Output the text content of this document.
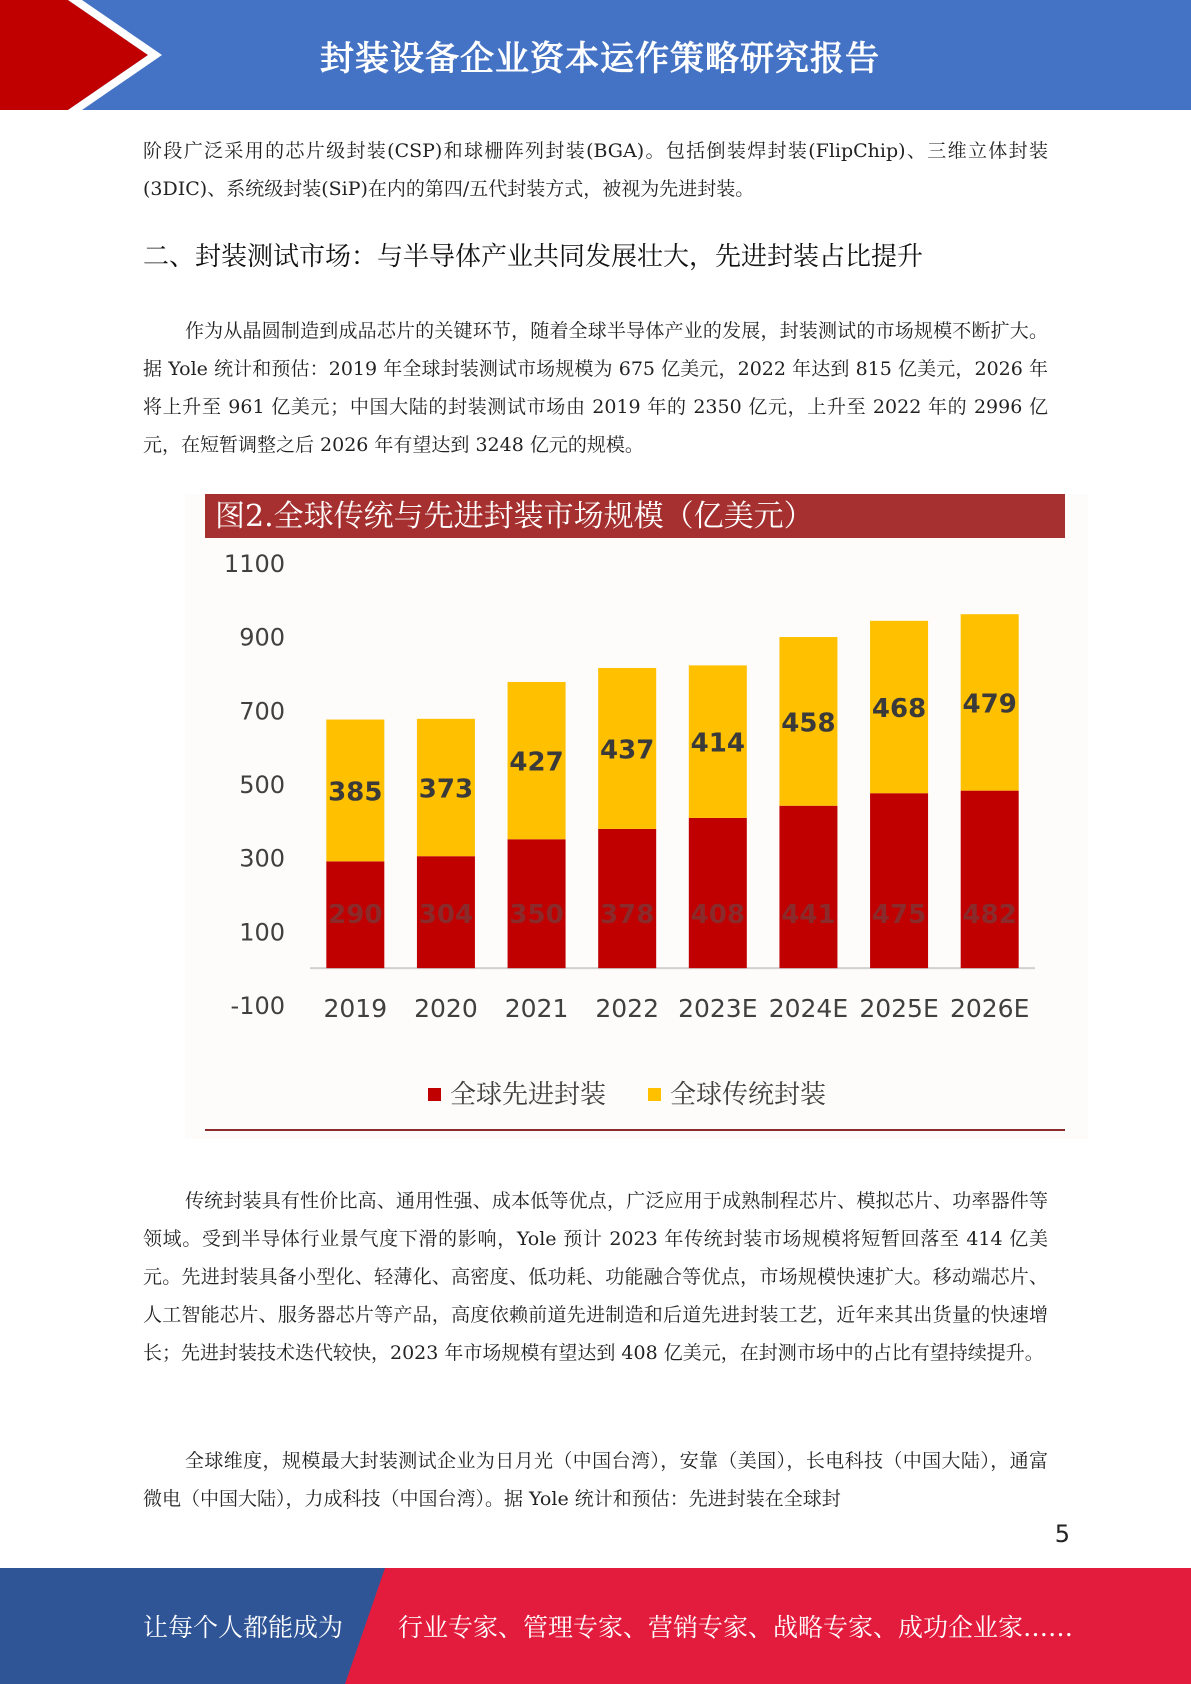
封装设备企业资本运作策略研究报告

阶段广泛采用的芯片级封装(CSP)和球栅阵列封装(BGA)。包括倒装焊封装(FlipChip)、三维立体封装(3DIC)、系统级封装(SiP)在内的第四/五代封装方式，被视为先进封装。

二、封装测试市场：与半导体产业共同发展壮大，先进封装占比提升

作为从晶圆制造到成品芯片的关键环节，随着全球半导体产业的发展，封装测试的市场规模不断扩大。据 Yole 统计和预估：2019 年全球封装测试市场规模为 675 亿美元，2022 年达到 815 亿美元，2026 年将上升至 961 亿美元；中国大陆的封装测试市场由 2019 年的 2350 亿元，上升至 2022 年的 2996 亿元，在短暂调整之后 2026 年有望达到 3248 亿元的规模。

图2.全球传统与先进封装市场规模（亿美元）
1100
900
700
500
300
100
-100
290
385
2019
304
373
2020
350
427
2021
378
437
2022
408
414
2023E
441
458
2024E
475
468
2025E
482
479
2026E
全球先进封装 全球传统封装

传统封装具有性价比高、通用性强、成本低等优点，广泛应用于成熟制程芯片、模拟芯片、功率器件等领域。受到半导体行业景气度下滑的影响，Yole 预计 2023 年传统封装市场规模将短暂回落至 414 亿美元。先进封装具备小型化、轻薄化、高密度、低功耗、功能融合等优点，市场规模快速扩大。移动端芯片、人工智能芯片、服务器芯片等产品，高度依赖前道先进制造和后道先进封装工艺，近年来其出货量的快速增长；先进封装技术迭代较快，2023 年市场规模有望达到 408 亿美元，在封测市场中的占比有望持续提升。

全球维度，规模最大封装测试企业为日月光（中国台湾），安靠（美国），长电科技（中国大陆），通富微电（中国大陆），力成科技（中国台湾）。据 Yole 统计和预估：先进封装在全球封

5
让每个人都能成为 行业专家、管理专家、营销专家、战略专家、成功企业家……
